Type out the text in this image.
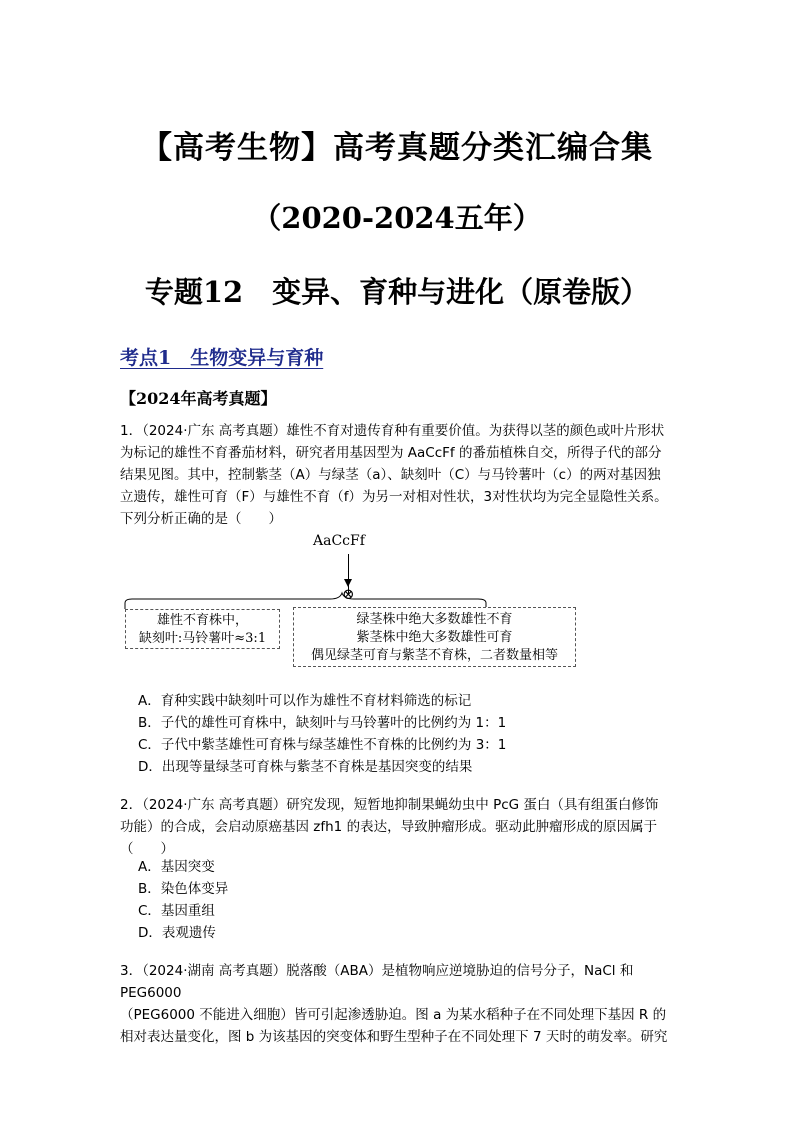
【高考生物】高考真题分类汇编合集
（2020-2024五年）
专题12　变异、育种与进化（原卷版）
考点1　生物变异与育种
【2024年高考真题】
1．（2024·广东 高考真题）雄性不育对遗传育种有重要价值。为获得以茎的颜色或叶片形状
为标记的雄性不育番茄材料，研究者用基因型为 AaCcFf 的番茄植株自交，所得子代的部分
结果见图。其中，控制紫茎（A）与绿茎（a）、缺刻叶（C）与马铃薯叶（c）的两对基因独
立遗传，雄性可育（F）与雄性不育（f）为另一对相对性状，3对性状均为完全显隐性关系。
下列分析正确的是（　　）
AaCcFf
⊗
雄性不育株中，
缺刻叶:马铃薯叶≈3:1
绿茎株中绝大多数雄性不育
紫茎株中绝大多数雄性可育
偶见绿茎可育与紫茎不育株，二者数量相等
A．育种实践中缺刻叶可以作为雄性不育材料筛选的标记
B．子代的雄性可育株中，缺刻叶与马铃薯叶的比例约为 1：1
C．子代中紫茎雄性可育株与绿茎雄性不育株的比例约为 3：1
D．出现等量绿茎可育株与紫茎不育株是基因突变的结果
2．（2024·广东 高考真题）研究发现，短暂地抑制果蝇幼虫中 PcG 蛋白（具有组蛋白修饰
功能）的合成，会启动原癌基因 zfh1 的表达，导致肿瘤形成。驱动此肿瘤形成的原因属于
（　　）
A．基因突变
B．染色体变异
C．基因重组
D．表观遗传
3．（2024·湖南 高考真题）脱落酸（ABA）是植物响应逆境胁迫的信号分子，NaCl 和 PEG6000
（PEG6000 不能进入细胞）皆可引起渗透胁迫。图 a 为某水稻种子在不同处理下基因 R 的
相对表达量变化，图 b 为该基因的突变体和野生型种子在不同处理下 7 天时的萌发率。研究
